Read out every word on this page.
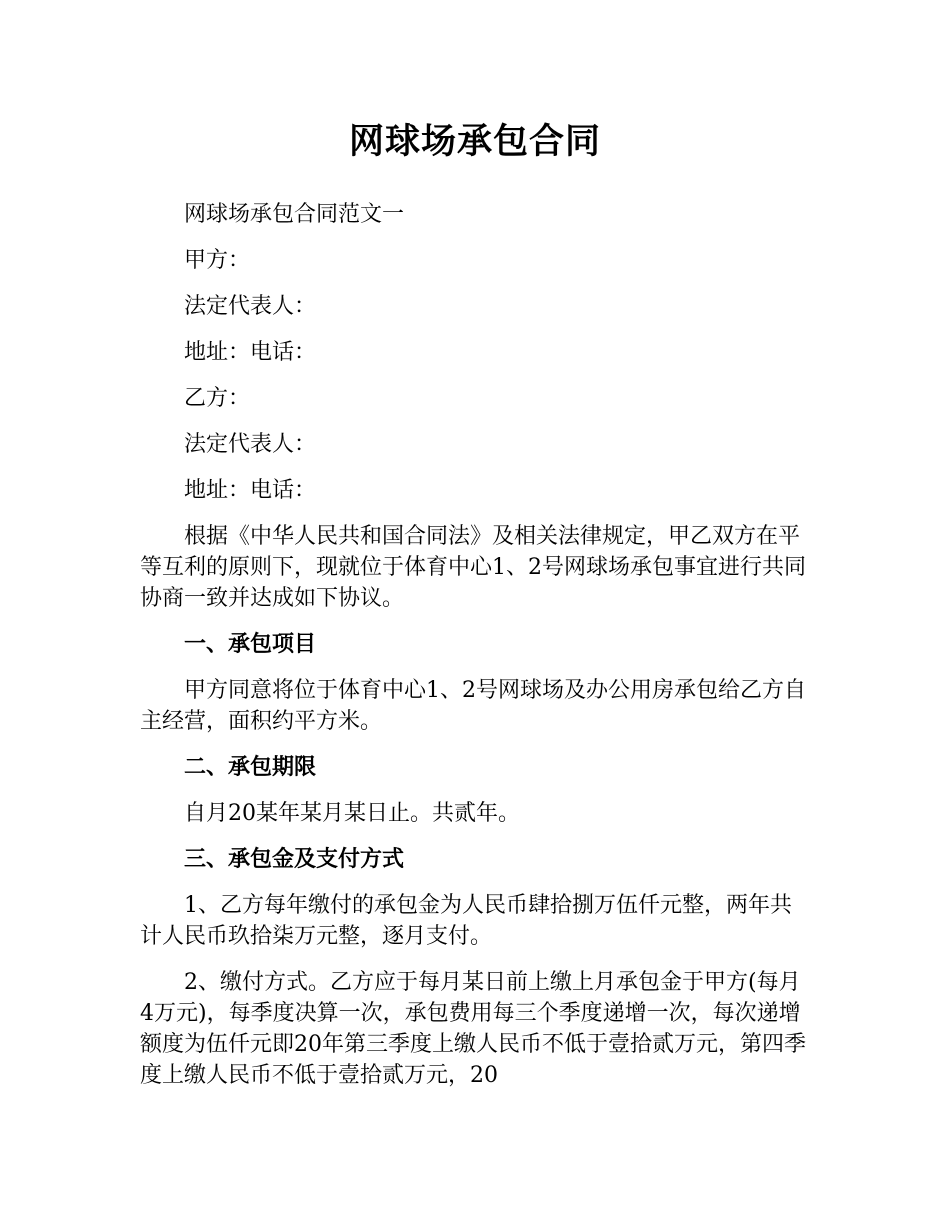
网球场承包合同

网球场承包合同范文一

甲方：

法定代表人：

地址：电话：

乙方：

法定代表人：

地址：电话：

根据《中华人民共和国合同法》及相关法律规定，甲乙双方在平等互利的原则下，现就位于体育中心1、2号网球场承包事宜进行共同协商一致并达成如下协议。

一、承包项目

甲方同意将位于体育中心1、2号网球场及办公用房承包给乙方自主经营，面积约平方米。

二、承包期限

自月20某年某月某日止。共贰年。

三、承包金及支付方式

1、乙方每年缴付的承包金为人民币肆拾捌万伍仟元整，两年共计人民币玖拾柒万元整，逐月支付。

2、缴付方式。乙方应于每月某日前上缴上月承包金于甲方(每月4万元)，每季度决算一次，承包费用每三个季度递增一次，每次递增额度为伍仟元即20年第三季度上缴人民币不低于壹拾贰万元，第四季度上缴人民币不低于壹拾贰万元，20
